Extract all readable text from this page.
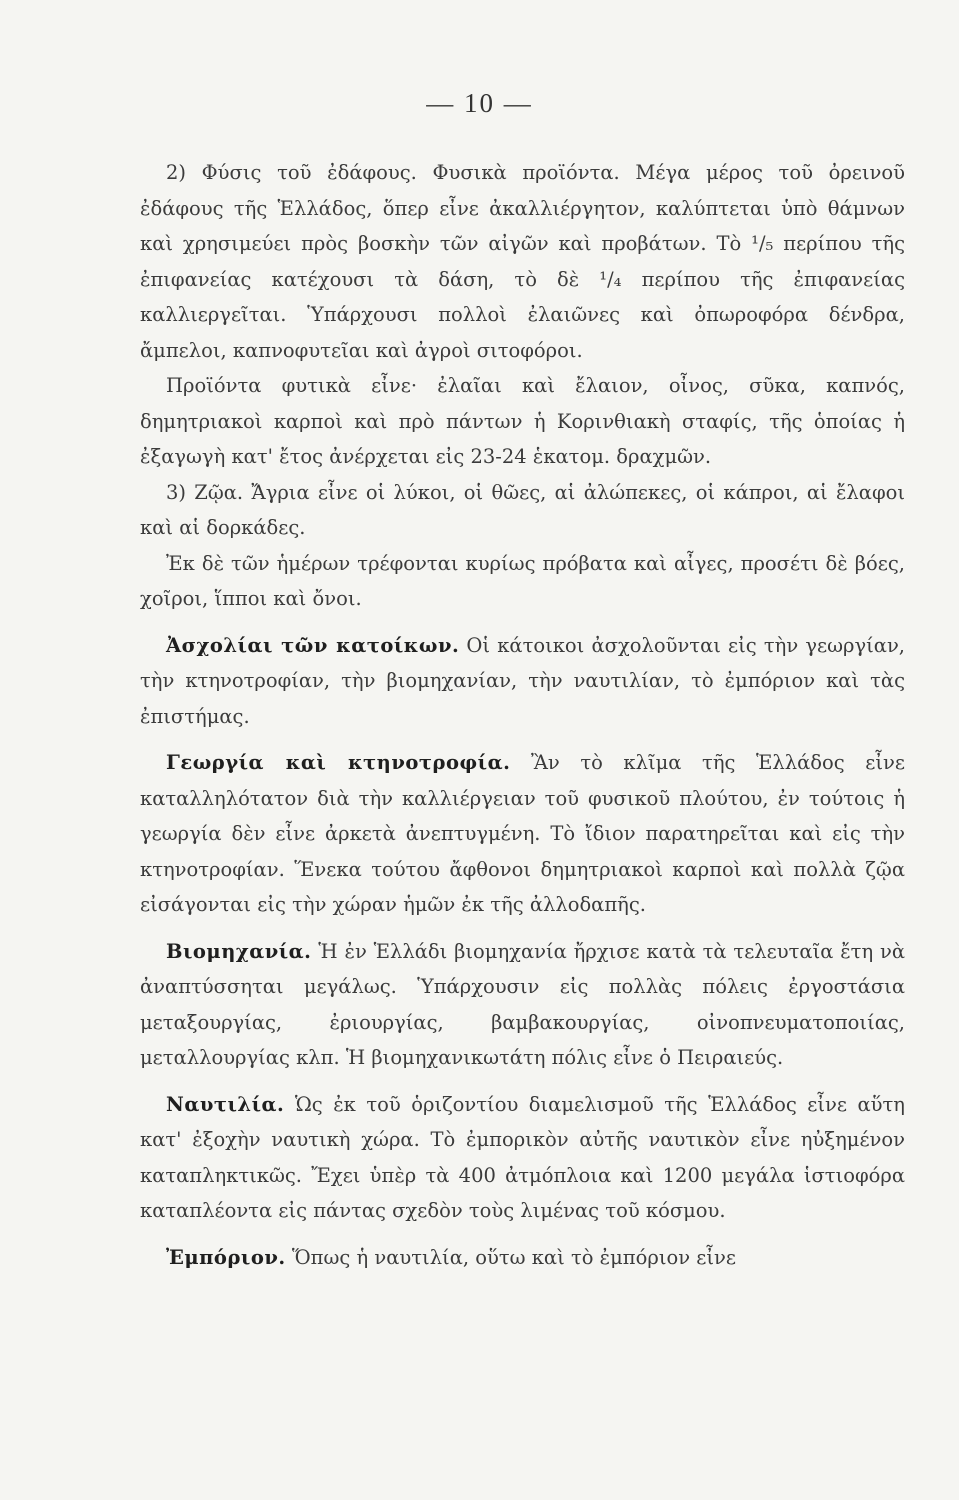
— 10 —

2) Φύσις τοῦ ἐδάφους. Φυσικὰ προϊόντα. Μέγα μέρος τοῦ ὀρεινοῦ ἐδάφους τῆς Ἑλλάδος, ὅπερ εἶνε ἀκαλλιέργητον, καλύπτεται ὑπὸ θάμνων καὶ χρησιμεύει πρὸς βοσκὴν τῶν αἰγῶν καὶ προβάτων. Τὸ ¹/₅ περίπου τῆς ἐπιφανείας κατέχουσι τὰ δάση, τὸ δὲ ¹/₄ περίπου τῆς ἐπιφανείας καλλιεργεῖται. Ὑπάρχουσι πολλοὶ ἐλαιῶνες καὶ ὀπωροφόρα δένδρα, ἄμπελοι, καπνοφυτεῖαι καὶ ἀγροὶ σιτοφόροι.

Προϊόντα φυτικὰ εἶνε· ἐλαῖαι καὶ ἔλαιον, οἶνος, σῦκα, καπνός, δημητριακοὶ καρποὶ καὶ πρὸ πάντων ἡ Κορινθιακὴ σταφίς, τῆς ὁποίας ἡ ἐξαγωγὴ κατ' ἔτος ἀνέρχεται εἰς 23-24 ἑκατομ. δραχμῶν.

3) Ζῷα. Ἄγρια εἶνε οἱ λύκοι, οἱ θῶες, αἱ ἀλώπεκες, οἱ κάπροι, αἱ ἔλαφοι καὶ αἱ δορκάδες.

Ἐκ δὲ τῶν ἡμέρων τρέφονται κυρίως πρόβατα καὶ αἶγες, προσέτι δὲ βόες, χοῖροι, ἵπποι καὶ ὄνοι.

Ἀσχολίαι τῶν κατοίκων. Οἱ κάτοικοι ἀσχολοῦνται εἰς τὴν γεωργίαν, τὴν κτηνοτροφίαν, τὴν βιομηχανίαν, τὴν ναυτιλίαν, τὸ ἐμπόριον καὶ τὰς ἐπιστήμας.

Γεωργία καὶ κτηνοτροφία. Ἂν τὸ κλῖμα τῆς Ἑλλάδος εἶνε καταλληλότατον διὰ τὴν καλλιέργειαν τοῦ φυσικοῦ πλούτου, ἐν τούτοις ἡ γεωργία δὲν εἶνε ἀρκετὰ ἀνεπτυγμένη. Τὸ ἴδιον παρατηρεῖται καὶ εἰς τὴν κτηνοτροφίαν. Ἕνεκα τούτου ἄφθονοι δημητριακοὶ καρποὶ καὶ πολλὰ ζῷα εἰσάγονται εἰς τὴν χώραν ἡμῶν ἐκ τῆς ἀλλοδαπῆς.

Βιομηχανία. Ἡ ἐν Ἑλλάδι βιομηχανία ἤρχισε κατὰ τὰ τελευταῖα ἔτη νὰ ἀναπτύσσηται μεγάλως. Ὑπάρχουσιν εἰς πολλὰς πόλεις ἐργοστάσια μεταξουργίας, ἐριουργίας, βαμβακουργίας, οἰνοπνευματοποιίας, μεταλλουργίας κλπ. Ἡ βιομηχανικωτάτη πόλις εἶνε ὁ Πειραιεύς.

Ναυτιλία. Ὡς ἐκ τοῦ ὁριζοντίου διαμελισμοῦ τῆς Ἑλλάδος εἶνε αὕτη κατ' ἐξοχὴν ναυτικὴ χώρα. Τὸ ἐμπορικὸν αὐτῆς ναυτικὸν εἶνε ηὐξημένον καταπληκτικῶς. Ἔχει ὑπὲρ τὰ 400 ἀτμόπλοια καὶ 1200 μεγάλα ἱστιοφόρα καταπλέοντα εἰς πάντας σχεδὸν τοὺς λιμένας τοῦ κόσμου.

Ἐμπόριον. Ὅπως ἡ ναυτιλία, οὕτω καὶ τὸ ἐμπόριον εἶνε
